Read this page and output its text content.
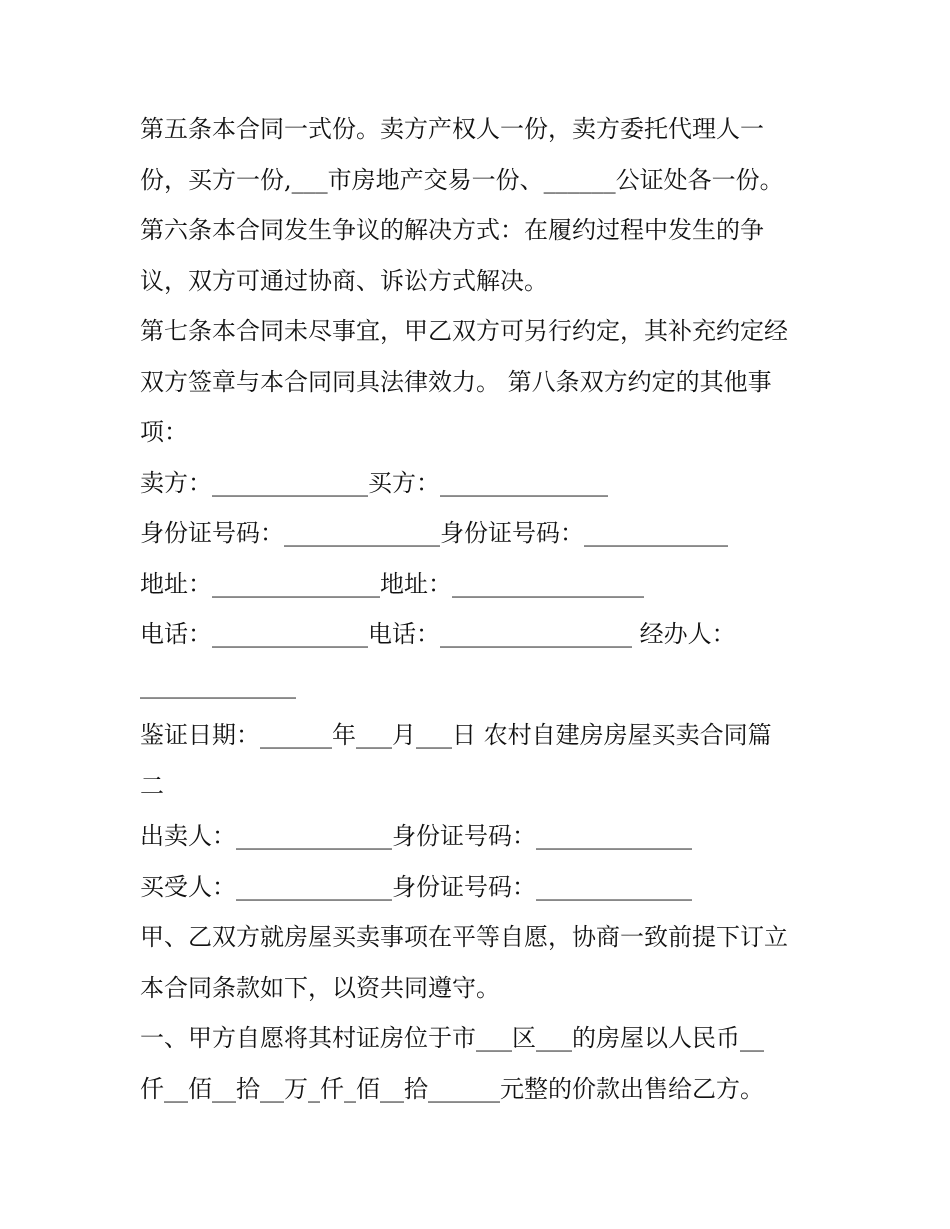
第五条本合同一式份。卖方产权人一份，卖方委托代理人一
份，买方一份,___市房地产交易一份、______公证处各一份。
第六条本合同发生争议的解决方式：在履约过程中发生的争
议，双方可通过协商、诉讼方式解决。
第七条本合同未尽事宜，甲乙双方可另行约定，其补充约定经
双方签章与本合同同具法律效力。 第八条双方约定的其他事
项：
卖方：_____________买方：______________
身份证号码：_____________身份证号码：____________
地址：______________地址：________________
电话：_____________电话：________________ 经办人：
_____________
鉴证日期：______年___月___日 农村自建房房屋买卖合同篇
二
出卖人：_____________身份证号码：_____________
买受人：_____________身份证号码：_____________
甲、乙双方就房屋买卖事项在平等自愿，协商一致前提下订立
本合同条款如下，以资共同遵守。
一、甲方自愿将其村证房位于市___区___的房屋以人民币__
仟__佰__拾__万_仟_佰__拾______元整的价款出售给乙方。
